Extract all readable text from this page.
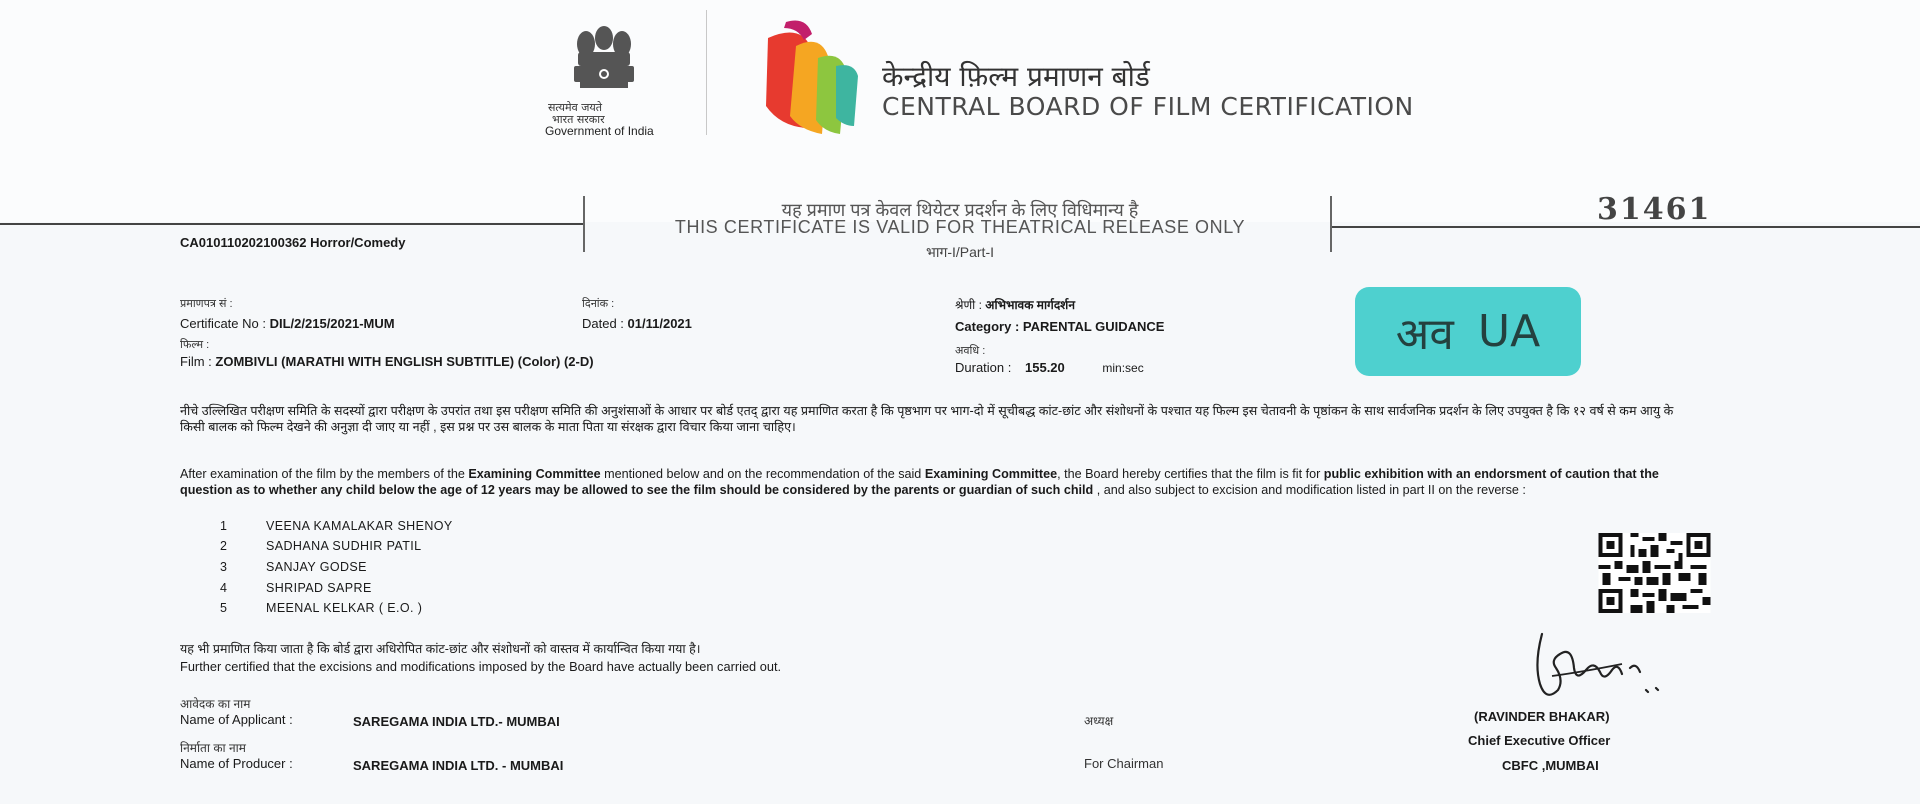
सत्यमेव जयते
भारत सरकार
Government of India
केन्द्रीय फ़िल्म प्रमाणन बोर्ड
CENTRAL BOARD OF FILM CERTIFICATION
यह प्रमाण पत्र केवल थियेटर प्रदर्शन के लिए विधिमान्य है
THIS CERTIFICATE IS VALID FOR THEATRICAL RELEASE ONLY
भाग-I/Part-I
31461
CA010110202100362 Horror/Comedy
प्रमाणपत्र सं :
Certificate No : DIL/2/215/2021-MUM
दिनांक :
Dated : 01/11/2021
फिल्म :
Film : ZOMBIVLI (MARATHI WITH ENGLISH SUBTITLE) (Color) (2-D)
श्रेणी : अभिभावक मार्गदर्शन
Category : PARENTAL GUIDANCE
अवधि :
Duration : 155.20	min:sec
अव UA
नीचे उल्लिखित परीक्षण समिति के सदस्यों द्वारा परीक्षण के उपरांत तथा इस परीक्षण समिति की अनुशंसाओं के आधार पर बोर्ड एतद् द्वारा यह प्रमाणित करता है कि पृष्ठभाग पर भाग-दो में सूचीबद्ध कांट-छांट और संशोधनों के पश्चात यह फिल्म इस चेतावनी के पृष्ठांकन के साथ सार्वजनिक प्रदर्शन के लिए उपयुक्त है कि १२ वर्ष से कम आयु के किसी बालक को फिल्म देखने की अनुज्ञा दी जाए या नहीं , इस प्रश्न पर उस बालक के माता पिता या संरक्षक द्वारा विचार किया जाना चाहिए।
After examination of the film by the members of the Examining Committee mentioned below and on the recommendation of the said Examining Committee, the Board hereby certifies that the film is fit for public exhibition with an endorsment of caution that the question as to whether any child below the age of 12 years may be allowed to see the film should be considered by the parents or guardian of such child , and also subject to excision and modification listed in part II on the reverse :
1	VEENA KAMALAKAR SHENOY
2	SADHANA SUDHIR PATIL
3	SANJAY GODSE
4	SHRIPAD SAPRE
5	MEENAL KELKAR ( E.O. )
यह भी प्रमाणित किया जाता है कि बोर्ड द्वारा अधिरोपित कांट-छांट और संशोधनों को वास्तव में कार्यान्वित किया गया है।
Further certified that the excisions and modifications imposed by the Board have actually been carried out.
आवेदक का नाम
Name of Applicant :	SAREGAMA INDIA LTD.- MUMBAI
निर्माता का नाम
Name of Producer :	SAREGAMA INDIA LTD. - MUMBAI
अध्यक्ष
For Chairman
(RAVINDER BHAKAR)
Chief Executive Officer
CBFC ,MUMBAI
